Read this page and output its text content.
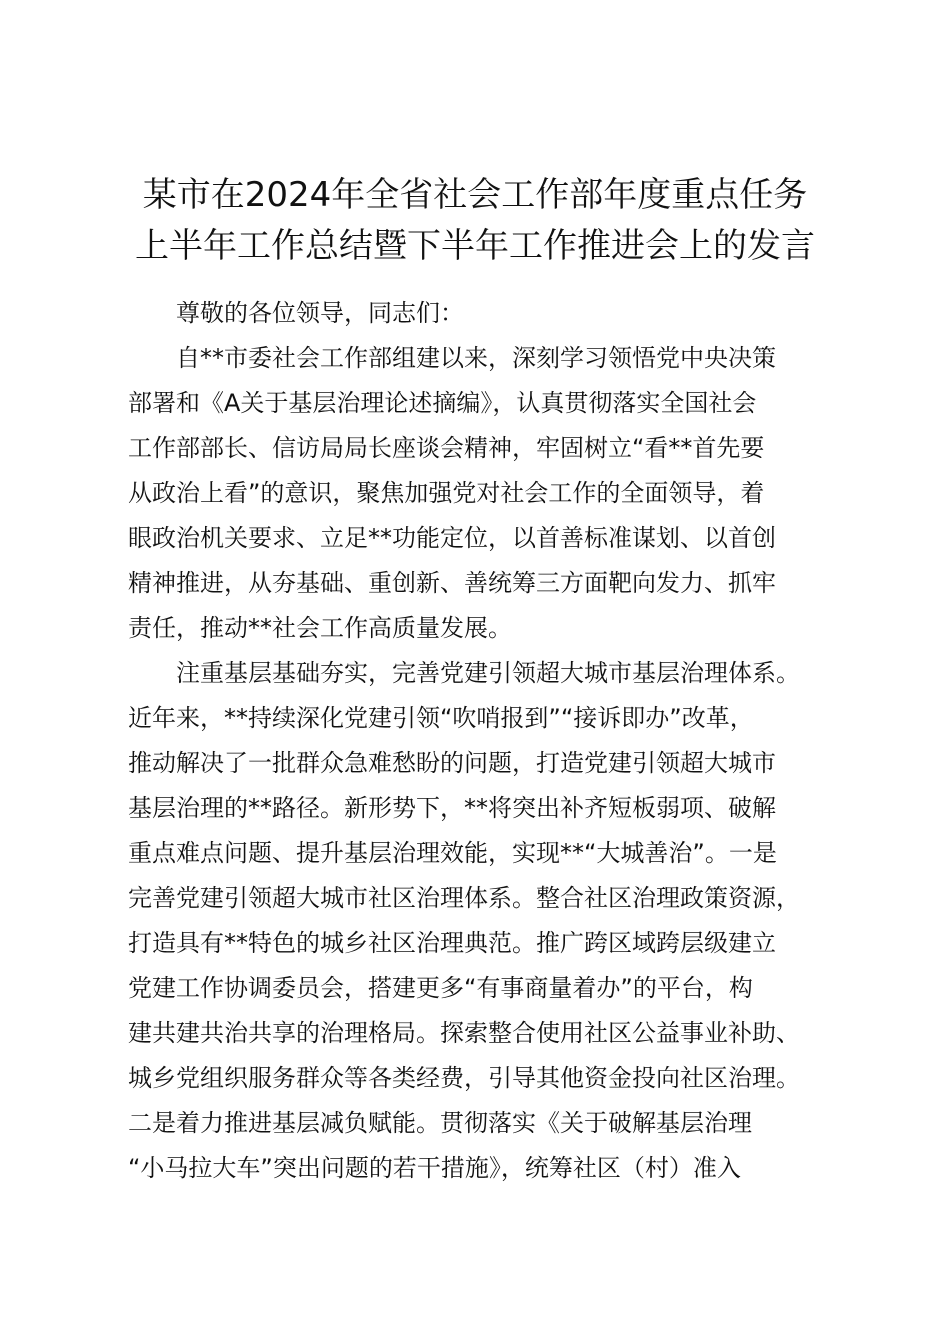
某市在2024年全省社会工作部年度重点任务
上半年工作总结暨下半年工作推进会上的发言
尊敬的各位领导，同志们：
自**市委社会工作部组建以来，深刻学习领悟党中央决策
部署和《A关于基层治理论述摘编》，认真贯彻落实全国社会
工作部部长、信访局局长座谈会精神，牢固树立“看**首先要
从政治上看”的意识，聚焦加强党对社会工作的全面领导，着
眼政治机关要求、立足**功能定位，以首善标准谋划、以首创
精神推进，从夯基础、重创新、善统筹三方面靶向发力、抓牢
责任，推动**社会工作高质量发展。
注重基层基础夯实，完善党建引领超大城市基层治理体系。
近年来，**持续深化党建引领“吹哨报到”“接诉即办”改革，
推动解决了一批群众急难愁盼的问题，打造党建引领超大城市
基层治理的**路径。新形势下，**将突出补齐短板弱项、破解
重点难点问题、提升基层治理效能，实现**“大城善治”。一是
完善党建引领超大城市社区治理体系。整合社区治理政策资源，
打造具有**特色的城乡社区治理典范。推广跨区域跨层级建立
党建工作协调委员会，搭建更多“有事商量着办”的平台，构
建共建共治共享的治理格局。探索整合使用社区公益事业补助、
城乡党组织服务群众等各类经费，引导其他资金投向社区治理。
二是着力推进基层减负赋能。贯彻落实《关于破解基层治理
“小马拉大车”突出问题的若干措施》，统筹社区（村）准入
